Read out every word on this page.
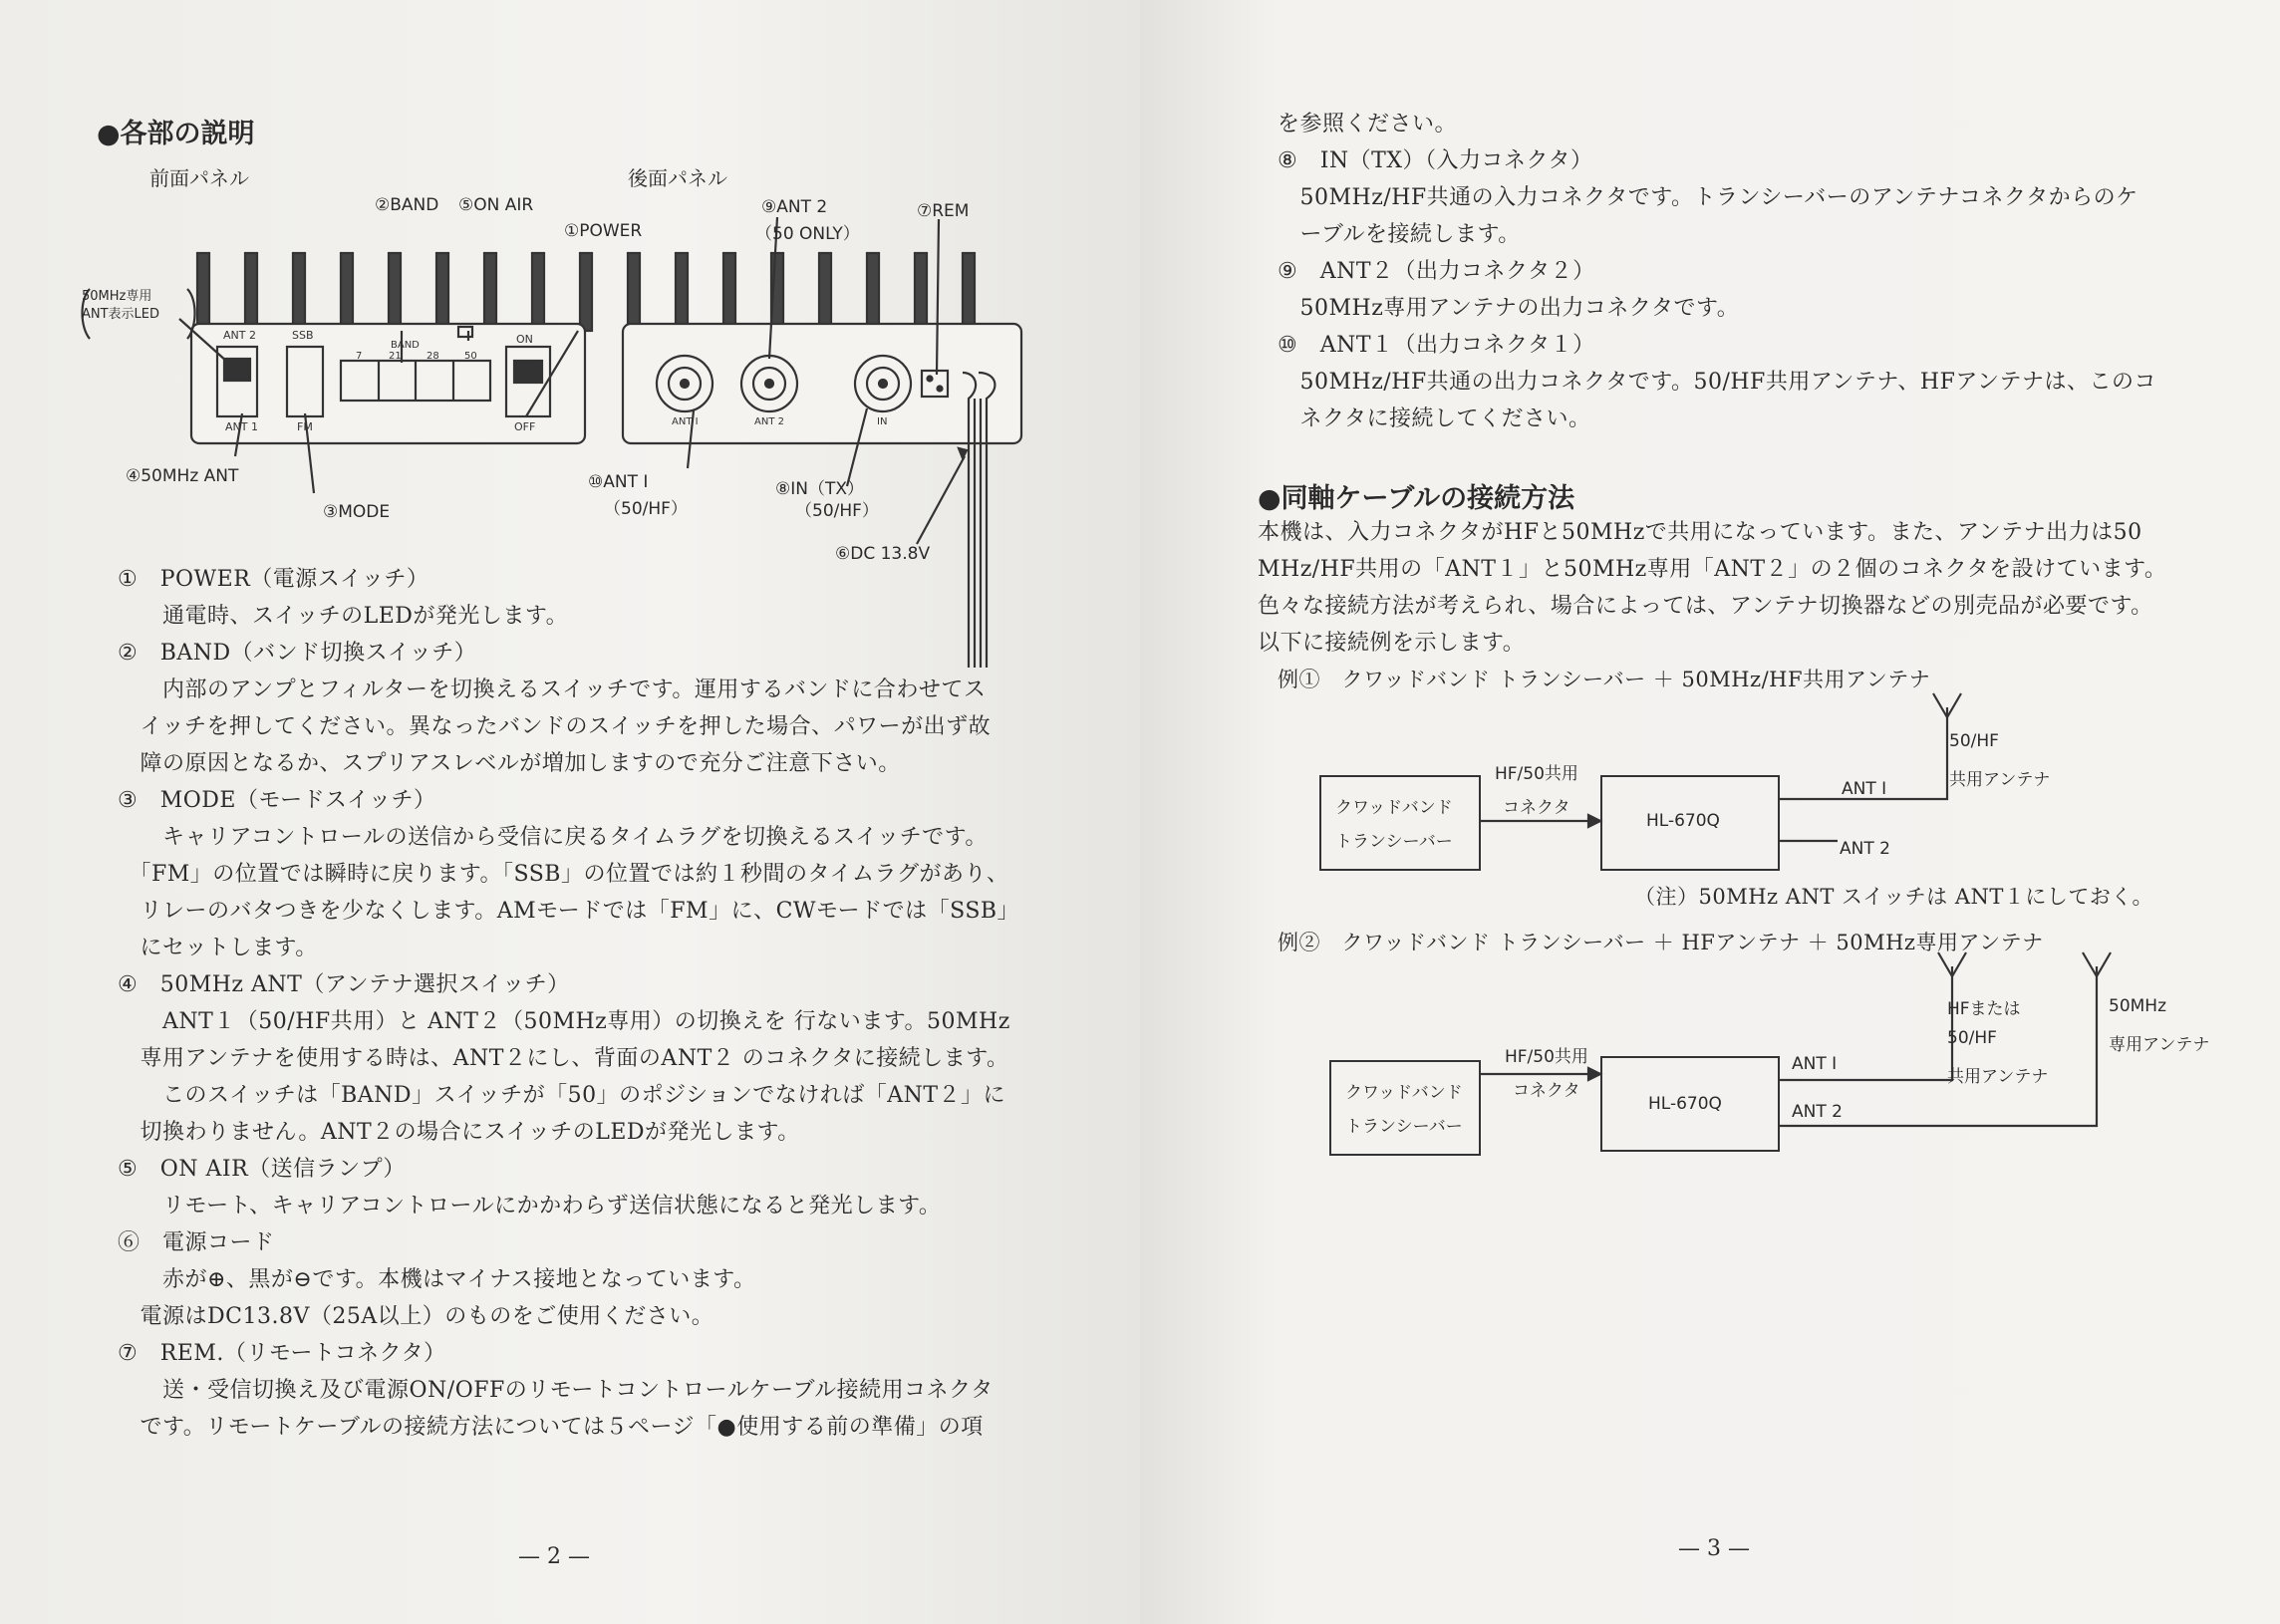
●各部の説明
ANT 2
ANT 1
SSB
FM
BAND
7	21	28	50
ON
OFF	ANT I	ANT 2	IN
前面パネル	後面パネル
②BAND ⑤ON AIR
①POWER
⑨ANT 2
（50 ONLY）
⑦REM
50MHz専用
ANT表示LED
④50MHz ANT
③MODE
⑩ANT I
（50/HF）
⑧IN（TX）
（50/HF）
⑥DC 13.8V
①　POWER（電源スイッチ）
　　通電時、スイッチのLEDが発光します。
②　BAND（バンド切換スイッチ）
　　内部のアンプとフィルターを切換えるスイッチです。運用するバンドに合わせてス
　イッチを押してください。異なったバンドのスイッチを押した場合、パワーが出ず故
　障の原因となるか、スプリアスレベルが増加しますので充分ご注意下さい。
③　MODE（モードスイッチ）
　　キャリアコントロールの送信から受信に戻るタイムラグを切換えるスイッチです。
　「FM」の位置では瞬時に戻ります。「SSB」の位置では約１秒間のタイムラグがあり、
　リレーのバタつきを少なくします。AMモードでは「FM」に、CWモードでは「SSB」
　にセットします。
④　50MHz ANT（アンテナ選択スイッチ）
　　ANT１（50/HF共用）と ANT２（50MHz専用）の切換えを 行ないます。50MHz
　専用アンテナを使用する時は、ANT２にし、背面のANT２ のコネクタに接続します。
　　このスイッチは「BAND」スイッチが「50」のポジションでなければ「ANT２」に
　切換わりません。ANT２の場合にスイッチのLEDが発光します。
⑤　ON AIR（送信ランプ）
　　リモート、キャリアコントロールにかかわらず送信状態になると発光します。
⑥　電源コード
　　赤が⊕、黒が⊖です。本機はマイナス接地となっています。
　電源はDC13.8V（25A以上）のものをご使用ください。
⑦　REM.（リモートコネクタ）
　　送・受信切換え及び電源ON/OFFのリモートコントロールケーブル接続用コネクタ
　です。リモートケーブルの接続方法については５ページ「●使用する前の準備」の項
— 2 —
を参照ください。
⑧　IN（TX）（入力コネクタ）
　50MHz/HF共通の入力コネクタです。トランシーバーのアンテナコネクタからのケ
　ーブルを接続します。
⑨　ANT２（出力コネクタ２）
　50MHz専用アンテナの出力コネクタです。
⑩　ANT１（出力コネクタ１）
　50MHz/HF共通の出力コネクタです。50/HF共用アンテナ、HFアンテナは、このコ
　ネクタに接続してください。
●同軸ケーブルの接続方法
本機は、入力コネクタがHFと50MHzで共用になっています。また、アンテナ出力は50
MHz/HF共用の「ANT１」と50MHz専用「ANT２」の２個のコネクタを設けています。
色々な接続方法が考えられ、場合によっては、アンテナ切換器などの別売品が必要です。
以下に接続例を示します。
例①　クワッドバンド トランシーバー ＋ 50MHz/HF共用アンテナ
クワッドバンド
トランシーバー
HF/50共用
コネクタ
HL-670Q
ANT I
ANT 2
50/HF
共用アンテナ
（注）50MHz ANT スイッチは ANT１にしておく。
例②　クワッドバンド トランシーバー ＋ HFアンテナ ＋ 50MHz専用アンテナ
クワッドバンド
トランシーバー
HF/50共用
コネクタ
HL-670Q
ANT I
ANT 2
HFまたは
50/HF
共用アンテナ
50MHz
専用アンテナ
— 3 —
